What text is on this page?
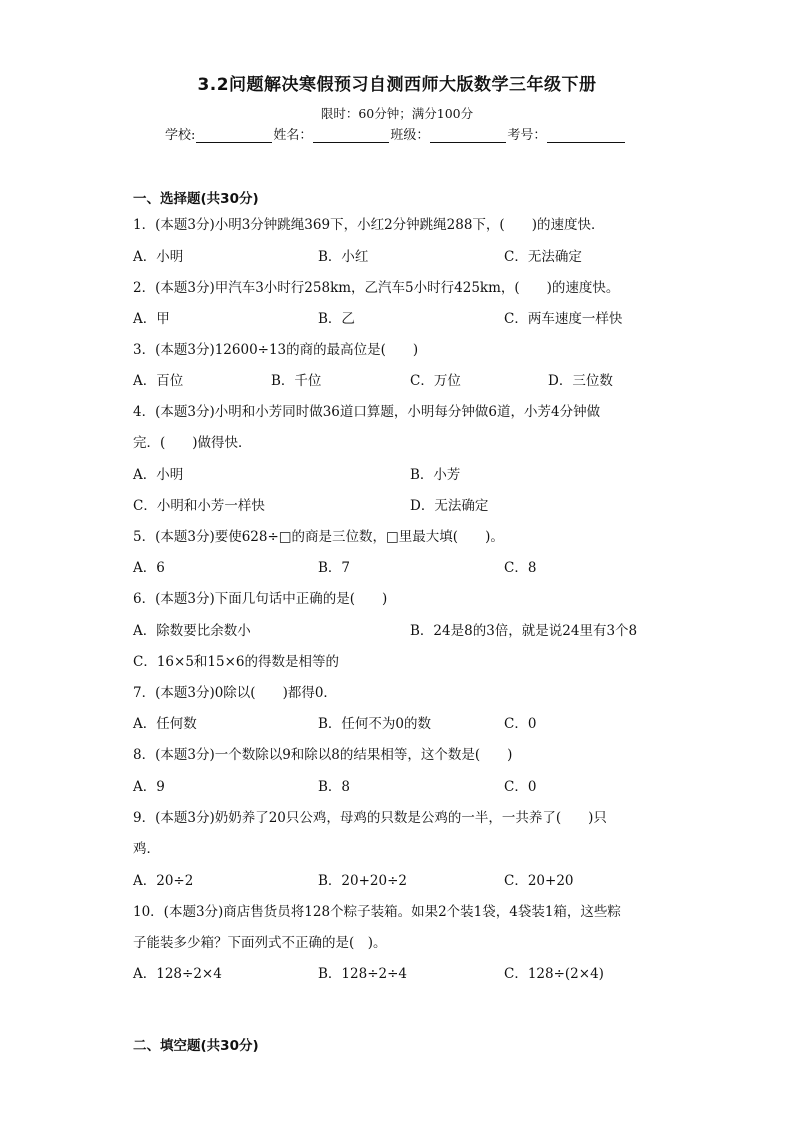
3.2问题解决寒假预习自测西师大版数学三年级下册
限时：60分钟；满分100分
学校:	姓名：	班级：	考号：
一、选择题(共30分)
1．(本题3分)小明3分钟跳绳369下，小红2分钟跳绳288下，(　　)的速度快．
A．小明	B．小红	C．无法确定
2．(本题3分)甲汽车3小时行258km，乙汽车5小时行425km，(　　)的速度快。
A．甲	B．乙	C．两车速度一样快
3．(本题3分)12600÷13的商的最高位是(　　)
A．百位	B．千位	C．万位	D．三位数
4．(本题3分)小明和小芳同时做36道口算题，小明每分钟做6道，小芳4分钟做
完．(　　)做得快．
A．小明	B．小芳
C．小明和小芳一样快	D．无法确定
5．(本题3分)要使628÷□的商是三位数，□里最大填(　　)。
A．6	B．7	C．8
6．(本题3分)下面几句话中正确的是(　　)
A．除数要比余数小	B．24是8的3倍，就是说24里有3个8
C．16×5和15×6的得数是相等的
7．(本题3分)0除以(　　)都得0．
A．任何数	B．任何不为0的数	C．0
8．(本题3分)一个数除以9和除以8的结果相等，这个数是(　　)
A．9	B．8	C．0
9．(本题3分)奶奶养了20只公鸡，母鸡的只数是公鸡的一半，一共养了(　　)只
鸡．
A．20÷2	B．20+20÷2	C．20+20
10．(本题3分)商店售货员将128个粽子装箱。如果2个装1袋，4袋装1箱，这些粽
子能装多少箱？下面列式不正确的是(　)。
A．128÷2×4	B．128÷2÷4	C．128÷(2×4)
二、填空题(共30分)
